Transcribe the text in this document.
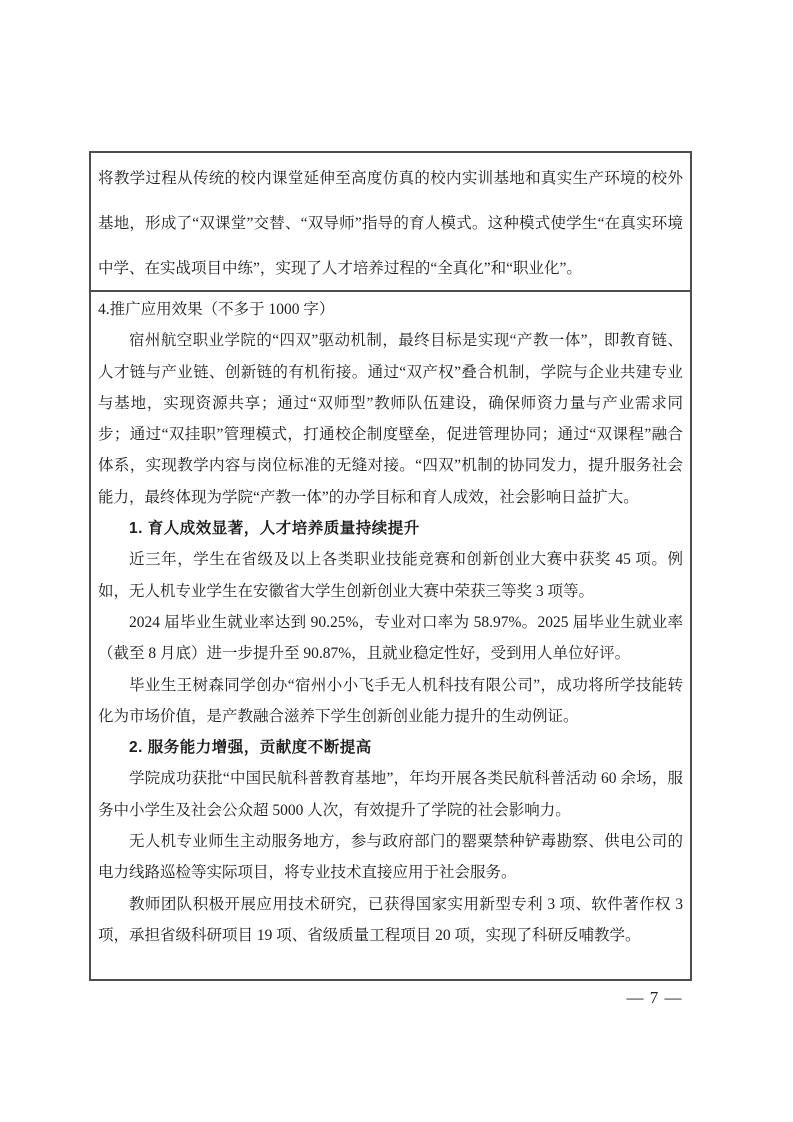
将教学过程从传统的校内课堂延伸至高度仿真的校内实训基地和真实生产环境的校外基地，形成了“双课堂”交替、“双导师”指导的育人模式。这种模式使学生“在真实环境中学、在实战项目中练”，实现了人才培养过程的“全真化”和“职业化”。

4.推广应用效果（不多于 1000 字）

宿州航空职业学院的“四双”驱动机制，最终目标是实现“产教一体”，即教育链、人才链与产业链、创新链的有机衔接。通过“双产权”叠合机制，学院与企业共建专业与基地，实现资源共享；通过“双师型”教师队伍建设，确保师资力量与产业需求同步；通过“双挂职”管理模式，打通校企制度壁垒，促进管理协同；通过“双课程”融合体系，实现教学内容与岗位标准的无缝对接。“四双”机制的协同发力，提升服务社会能力，最终体现为学院“产教一体”的办学目标和育人成效，社会影响日益扩大。

1. 育人成效显著，人才培养质量持续提升

近三年，学生在省级及以上各类职业技能竞赛和创新创业大赛中获奖 45 项。例如，无人机专业学生在安徽省大学生创新创业大赛中荣获三等奖 3 项等。

2024 届毕业生就业率达到 90.25%，专业对口率为 58.97%。2025 届毕业生就业率（截至 8 月底）进一步提升至 90.87%，且就业稳定性好，受到用人单位好评。

毕业生王树森同学创办“宿州小小飞手无人机科技有限公司”，成功将所学技能转化为市场价值，是产教融合滋养下学生创新创业能力提升的生动例证。

2. 服务能力增强，贡献度不断提高

学院成功获批“中国民航科普教育基地”，年均开展各类民航科普活动 60 余场，服务中小学生及社会公众超 5000 人次，有效提升了学院的社会影响力。

无人机专业师生主动服务地方，参与政府部门的罂粟禁种铲毒勘察、供电公司的电力线路巡检等实际项目，将专业技术直接应用于社会服务。

教师团队积极开展应用技术研究，已获得国家实用新型专利 3 项、软件著作权 3 项，承担省级科研项目 19 项、省级质量工程项目 20 项，实现了科研反哺教学。

— 7 —
